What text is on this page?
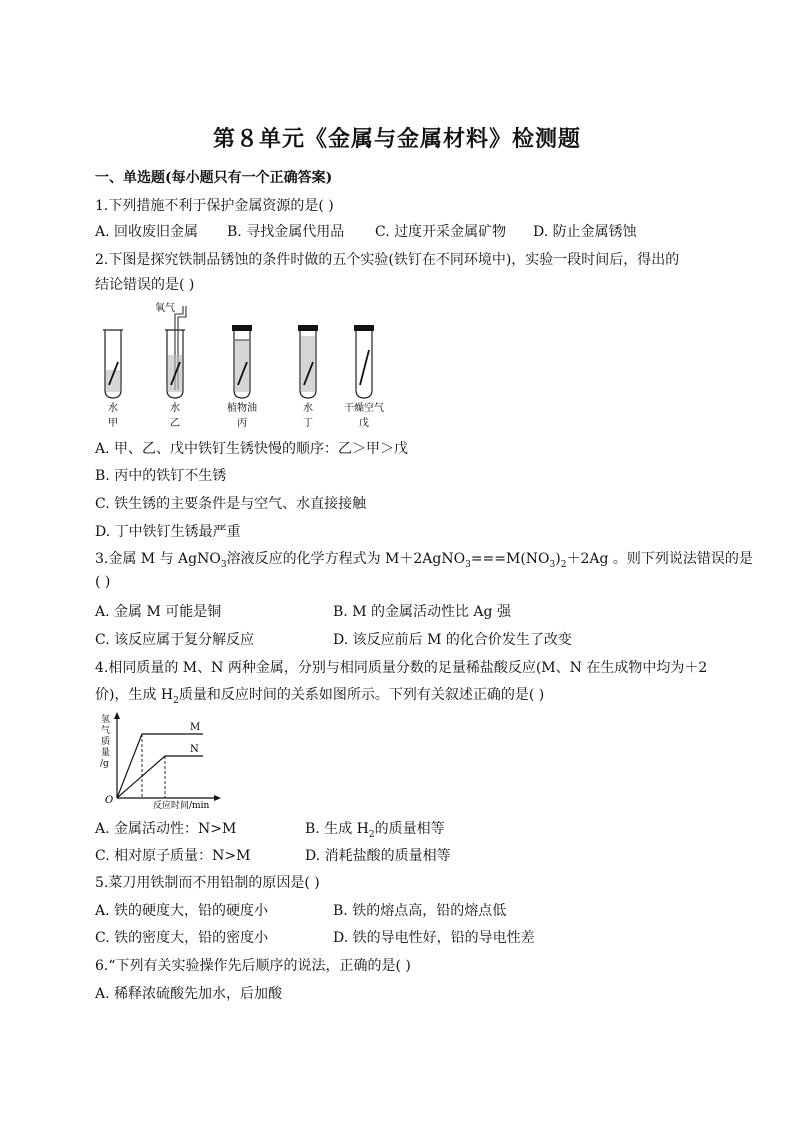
第８单元《金属与金属材料》检测题
一、单选题(每小题只有一个正确答案)
1.下列措施不利于保护金属资源的是( )
A. 回收废旧金属 B. 寻找金属代用品 C. 过度开采金属矿物 D. 防止金属锈蚀
2.下图是探究铁制品锈蚀的条件时做的五个实验(铁钉在不同环境中)，实验一段时间后，得出的
结论错误的是( )
氧气
水
甲
水
乙
植物油
丙
水
丁
干燥空气
戊
A. 甲、乙、戊中铁钉生锈快慢的顺序：乙＞甲＞戊
B. 丙中的铁钉不生锈
C. 铁生锈的主要条件是与空气、水直接接触
D. 丁中铁钉生锈最严重
3.金属 M 与 AgNO$_3$溶液反应的化学方程式为 $M+2AgNO_3===M(NO_3)_2+2Ag$ 。则下列说法错误的是
( )
A. 金属 M 可能是铜	B. M 的金属活动性比 Ag 强
C. 该反应属于复分解反应	D. 该反应前后 M 的化合价发生了改变
4.相同质量的 M、N 两种金属，分别与相同质量分数的足量稀盐酸反应(M、N 在生成物中均为＋2
价)，生成 $H_2$质量和反应时间的关系如图所示。下列有关叙述正确的是( )
M
N
氢
气
质
量
/g
O	反应时间/min
A. 金属活动性：N>M	B. 生成 $H_2$的质量相等
C. 相对原子质量：N>M	D. 消耗盐酸的质量相等
5.菜刀用铁制而不用铅制的原因是( )
A. 铁的硬度大，铅的硬度小	B. 铁的熔点高，铅的熔点低
C. 铁的密度大，铅的密度小	D. 铁的导电性好，铅的导电性差
6.“下列有关实验操作先后顺序的说法，正确的是( )
A. 稀释浓硫酸先加水，后加酸
